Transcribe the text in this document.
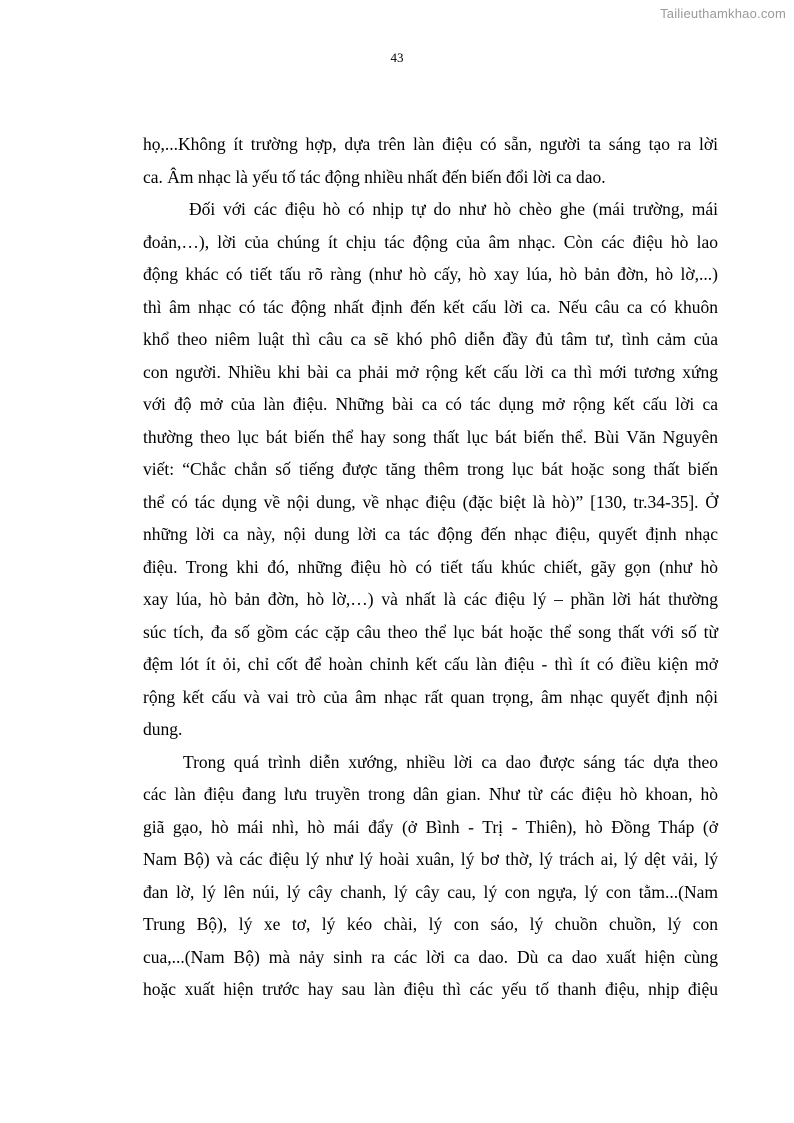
Tailieuthamkhao.com
43

họ,...Không ít trường hợp, dựa trên làn điệu có sẵn, người ta sáng tạo ra lời
ca. Âm nhạc là yếu tố tác động nhiều nhất đến biến đổi lời ca dao.

Đối với các điệu hò có nhịp tự do như hò chèo ghe (mái trường, mái
đoản,…), lời của chúng ít chịu tác động của âm nhạc. Còn các điệu hò lao
động khác có tiết tấu rõ ràng (như hò cấy, hò xay lúa, hò bản đờn, hò lờ,...)
thì âm nhạc có tác động nhất định đến kết cấu lời ca. Nếu câu ca có khuôn
khổ theo niêm luật thì câu ca sẽ khó phô diễn đầy đủ tâm tư, tình cảm của
con người. Nhiều khi bài ca phải mở rộng kết cấu lời ca thì mới tương xứng
với độ mở của làn điệu. Những bài ca có tác dụng mở rộng kết cấu lời ca
thường theo lục bát biến thể hay song thất lục bát biến thể. Bùi Văn Nguyên
viết: “Chắc chắn số tiếng được tăng thêm trong lục bát hoặc song thất biến
thể có tác dụng về nội dung, về nhạc điệu (đặc biệt là hò)” [130, tr.34-35]. Ở
những lời ca này, nội dung lời ca tác động đến nhạc điệu, quyết định nhạc
điệu. Trong khi đó, những điệu hò có tiết tấu khúc chiết, gãy gọn (như hò
xay lúa, hò bản đờn, hò lờ,…) và nhất là các điệu lý – phần lời hát thường
súc tích, đa số gồm các cặp câu theo thể lục bát hoặc thể song thất với số từ
đệm lót ít ỏi, chỉ cốt để hoàn chỉnh kết cấu làn điệu - thì ít có điều kiện mở
rộng kết cấu và vai trò của âm nhạc rất quan trọng, âm nhạc quyết định nội
dung.

Trong quá trình diễn xướng, nhiều lời ca dao được sáng tác dựa theo
các làn điệu đang lưu truyền trong dân gian. Như từ các điệu hò khoan, hò
giã gạo, hò mái nhì, hò mái đẩy (ở Bình - Trị - Thiên), hò Đồng Tháp (ở
Nam Bộ) và các điệu lý như lý hoài xuân, lý bơ thờ, lý trách ai, lý dệt vải, lý
đan lờ, lý lên núi, lý cây chanh, lý cây cau, lý con ngựa, lý con tằm...(Nam
Trung Bộ), lý xe tơ, lý kéo chài, lý con sáo, lý chuồn chuồn, lý con
cua,...(Nam Bộ) mà nảy sinh ra các lời ca dao. Dù ca dao xuất hiện cùng
hoặc xuất hiện trước hay sau làn điệu thì các yếu tố thanh điệu, nhịp điệu
